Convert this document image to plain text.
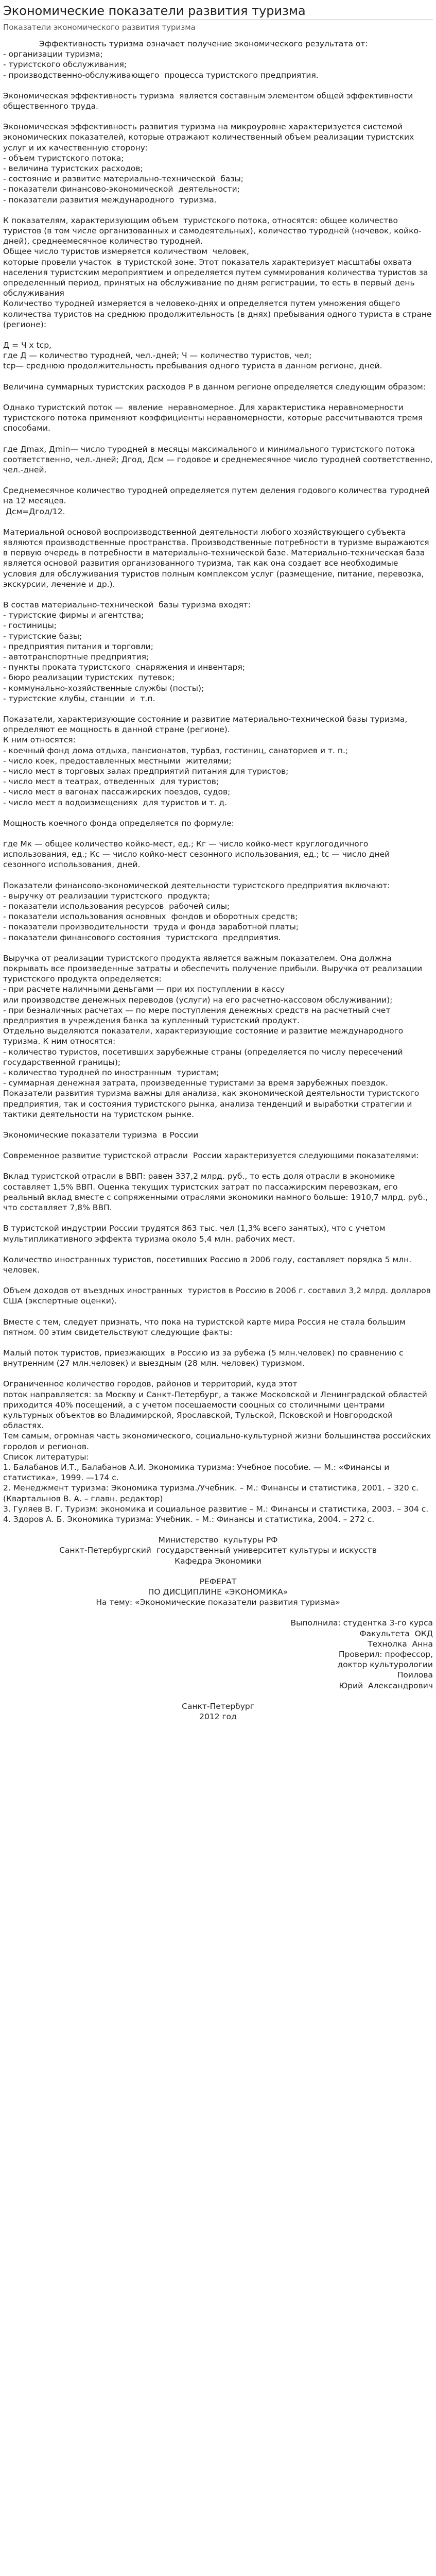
Экономические показатели развития туризма
Показатели экономического развития туризма

Эффективность туризма означает получение экономического результата от:
- организации туризма;
- туристского обслуживания;
- производственно-обслуживающего  процесса туристского предприятия.

Экономическая эффективность туризма  является составным элементом общей эффективности общественного труда.

Экономическая эффективность развития туризма на микроуровне характеризуется системой экономических показателей, которые отражают количественный объем реализации туристских услуг и их качественную сторону:
- объем туристского потока;
- величина туристских расходов;
- состояние и развитие материально-технической  базы;
- показатели финансово-экономической  деятельности;
- показатели развития международного  туризма.

К показателям, характеризующим объем  туристского потока, относятся: общее количество туристов (в том числе организованных и самодеятельных), количество туродней (ночевок, койко-дней), среднеемесячное количество туродней.
Общее число туристов измеряется количеством  человек,
которые провели участок  в туристской зоне. Этот показатель характеризует масштабы охвата населения туристским мероприятием и определяется путем суммирования количества туристов за определенный период, принятых на обслуживание по дням регистрации, то есть в первый день обслуживания
Количество туродней измеряется в человеко-днях и определяется путем умножения общего количества туристов на среднюю продолжительность (в днях) пребывания одного туриста в стране (регионе):

Д = Ч х tcp,
где Д — количество туродней, чел.-дней; Ч — количество туристов, чел;
tcp— среднюю продолжительность пребывания одного туриста в данном регионе, дней.

Величина суммарных туристских расходов Р в данном регионе определяется следующим образом:

Однако туристский поток —  явление  неравномерное. Для характеристика неравномерности туристского потока применяют коэффициенты неравномерности, которые рассчитываются тремя способами.

где Дmax, Дmin— число туродней в месяцы максимального и минимального туристского потока соответственно, чел.-дней; Дгод, Дсм — годовое и среднемесячное число туродней соответственно, чел.-дней.

Среднемесячное количество туродней определяется путем деления годового количества туродней на 12 месяцев.
Дсм=Дгод/12.

Материальной основой воспроизводственной деятельности любого хозяйствующего субъекта являются производственные пространства. Производственные потребности в туризме выражаются в первую очередь в потребности в материально-технической базе. Материально-техническая база является основой развития организованного туризма, так как она создает все необходимые условия для обслуживания туристов полным комплексом услуг (размещение, питание, перевозка, экскурсии, лечение и др.).

В состав материально-технической  базы туризма входят:
- туристские фирмы и агентства;
- гостиницы;
- туристские базы;
- предприятия питания и торговли;
- автотранспортные предприятия;
- пункты проката туристского  снаряжения и инвентаря;
- бюро реализации туристских  путевок;
- коммунально-хозяйственные службы (посты);
- туристские клубы, станции  и  т.п.

Показатели, характеризующие состояние и развитие материально-технической базы туризма, определяют ее мощность в данной стране (регионе).
К ним относятся:
- коечный фонд дома отдыха, пансионатов, турбаз, гостиниц, санаториев и т. п.;
- число коек, предоставленных местными  жителями;
- число мест в торговых залах предприятий питания для туристов;
- число мест в театрах, отведенных  для туристов;
- число мест в вагонах пассажирских поездов, судов;
- число мест в водоизмещениях  для туристов и т. д.

Мощность коечного фонда определяется по формуле:

где Мк — общее количество койко-мест, ед.; Кг — число койко-мест круглогодичного использования, ед.; Кс — число койко-мест сезонного использования, ед.; tc — число дней сезонного использования, дней.

Показатели финансово-экономической деятельности туристского предприятия включают:
- выручку от реализации туристского  продукта;
- показатели использования ресурсов  рабочей силы;
- показатели использования основных  фондов и оборотных средств;
- показатели производительности  труда и фонда заработной платы;
- показатели финансового состояния  туристского  предприятия.

Выручка от реализации туристского продукта является важным показателем. Она должна покрывать все произведенные затраты и обеспечить получение прибыли. Выручка от реализации туристского продукта определяется:
- при расчете наличными деньгами — при их поступлении в кассу
или производстве денежных переводов (услуги) на его расчетно-кассовом обслуживании);
- при безналичных расчетах — по мере поступления денежных средств на расчетный счет предприятия в учреждения банка за купленный туристский продукт.
Отдельно выделяются показатели, характеризующие состояние и развитие международного туризма. К ним относятся:
- количество туристов, посетивших зарубежные страны (определяется по числу пересечений государственной границы);
- количество туродней по иностранным  туристам;
- суммарная денежная затрата, произведенные туристами за время зарубежных поездок.
Показатели развития туризма важны для анализа, как экономической деятельности туристского предприятия, так и состояния туристского рынка, анализа тенденций и выработки стратегии и тактики деятельности на туристском рынке.

Экономические показатели туризма  в России

Современное развитие туристской отрасли  России характеризуется следующими показателями:

Вклад туристской отрасли в ВВП: равен 337,2 млрд. руб., то есть доля отрасли в экономике составляет 1,5% ВВП. Оценка текущих туристских затрат по пассажирским перевозкам, его реальный вклад вместе с сопряженными отраслями экономики намного больше: 1910,7 млрд. руб., что составляет 7,8% ВВП.

В туристской индустрии России трудятся 863 тыс. чел (1,3% всего занятых), что с учетом мультипликативного эффекта туризма около 5,4 млн. рабочих мест.

Количество иностранных туристов, посетивших Россию в 2006 году, составляет порядка 5 млн. человек.

Объем доходов от въездных иностранных  туристов в Россию в 2006 г. составил 3,2 млрд. долларов США (экспертные оценки).

Вместе с тем, следует признать, что пока на туристской карте мира Россия не стала большим пятном. 00 этим свидетельствуют следующие факты:

Малый поток туристов, приезжающих  в Россию из за рубежа (5 млн.человек) по сравнению с внутренним (27 млн.человек) и выездным (28 млн. человек) туризмом.

Ограниченное количество городов, районов и территорий, куда этот
поток направляется: за Москву и Санкт-Петербург, а также Московской и Ленинградской областей приходится 40% посещений, а с учетом посещаемости сооцных со столичными центрами культурных объектов во Владимирской, Ярославской, Тульской, Псковской и Новгородской областях.
Тем самым, огромная часть экономического, социально-культурной жизни большинства российских городов и регионов.
Список литературы:
1. Балабанов И.Т., Балабанов А.И. Экономика туризма: Учебное пособие. — М.: «Финансы и статистика», 1999. —174 с.
2. Менеджмент туризма: Экономика туризма./Учебник. – М.: Финансы и статистика, 2001. – 320 с. (Квартальнов В. А. – главн. редактор)
3. Гуляев В. Г. Туризм: экономика и социальное развитие – М.: Финансы и статистика, 2003. – 304 с.
4. Здоров А. Б. Экономика туризма: Учебник. – М.: Финансы и статистика, 2004. – 272 с.

Министерство  культуры РФ
Санкт-Петербургский  государственный университет культуры и искусств
Кафедра Экономики

РЕФЕРАТ
ПО ДИСЦИПЛИНЕ «ЭКОНОМИКА»
На тему: «Экономические показатели развития туризма»

Выполнила: студентка 3-го курса
Факультета  ОКД
Технолка  Анна
Проверил: профессор,
доктор культурологии
Поилова
Юрий  Александрович

Санкт-Петербург
2012 год
